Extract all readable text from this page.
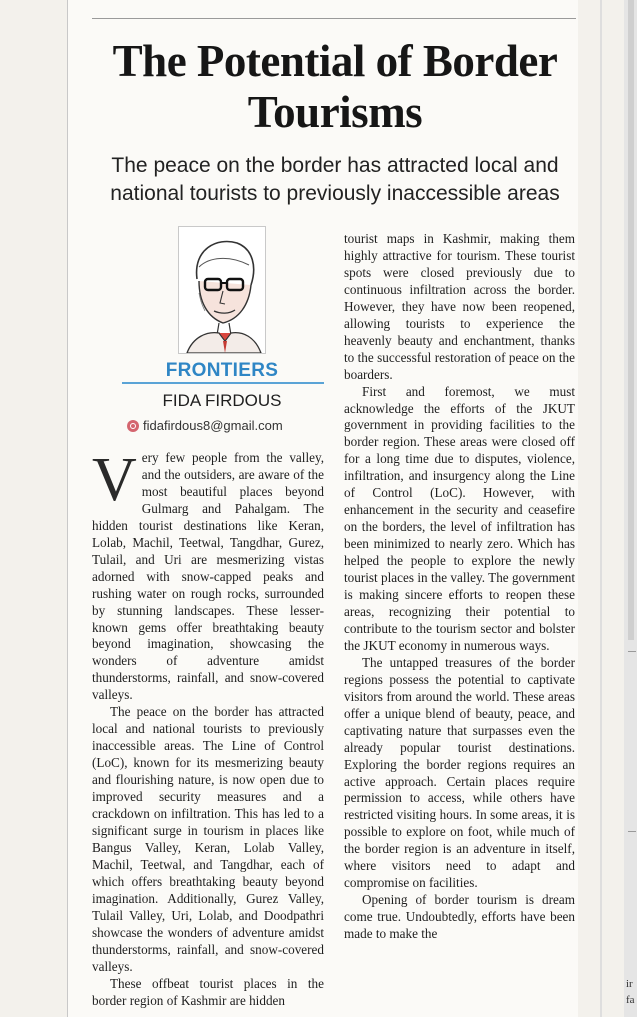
ir
fa
The Potential of Border Tourisms
The peace on the border has attracted local and national tourists to previously inaccessible areas
FRONTIERS
FIDA FIRDOUS
fidafirdous8@gmail.com

Very few people from the valley, and the outsiders, are aware of the most beautiful places beyond Gulmarg and Pahalgam. The hidden tourist destinations like Keran, Lolab, Machil, Teetwal, Tangdhar, Gurez, Tulail, and Uri are mesmerizing vistas adorned with snow-capped peaks and rushing water on rough rocks, surrounded by stunning landscapes. These lesser-known gems offer breathtaking beauty beyond imagination, showcasing the wonders of adventure amidst thunderstorms, rainfall, and snow-covered valleys.

The peace on the border has attracted local and national tourists to previously inaccessible areas. The Line of Control (LoC), known for its mesmerizing beauty and flourishing nature, is now open due to improved security measures and a crackdown on infiltration. This has led to a significant surge in tourism in places like Bangus Valley, Keran, Lolab Valley, Machil, Teetwal, and Tangdhar, each of which offers breathtaking beauty beyond imagination. Additionally, Gurez Valley, Tulail Valley, Uri, Lolab, and Doodpathri showcase the wonders of adventure amidst thunderstorms, rainfall, and snow-covered valleys.

These offbeat tourist places in the border region of Kashmir are hidden

tourist maps in Kashmir, making them highly attractive for tourism. These tourist spots were closed previously due to continuous infiltration across the border. However, they have now been reopened, allowing tourists to experience the heavenly beauty and enchantment, thanks to the successful restoration of peace on the boarders.

First and foremost, we must acknowledge the efforts of the JKUT government in providing facilities to the border region. These areas were closed off for a long time due to disputes, violence, infiltration, and insurgency along the Line of Control (LoC). However, with enhancement in the security and ceasefire on the borders, the level of infiltration has been minimized to nearly zero. Which has helped the people to explore the newly tourist places in the valley. The government is making sincere efforts to reopen these areas, recognizing their potential to contribute to the tourism sector and bolster the JKUT economy in numerous ways.

The untapped treasures of the border regions possess the potential to captivate visitors from around the world. These areas offer a unique blend of beauty, peace, and captivating nature that surpasses even the already popular tourist destinations. Exploring the border regions requires an active approach. Certain places require permission to access, while others have restricted visiting hours. In some areas, it is possible to explore on foot, while much of the border region is an adventure in itself, where visitors need to adapt and compromise on facilities.

Opening of border tourism is dream come true. Undoubtedly, efforts have been made to make the
